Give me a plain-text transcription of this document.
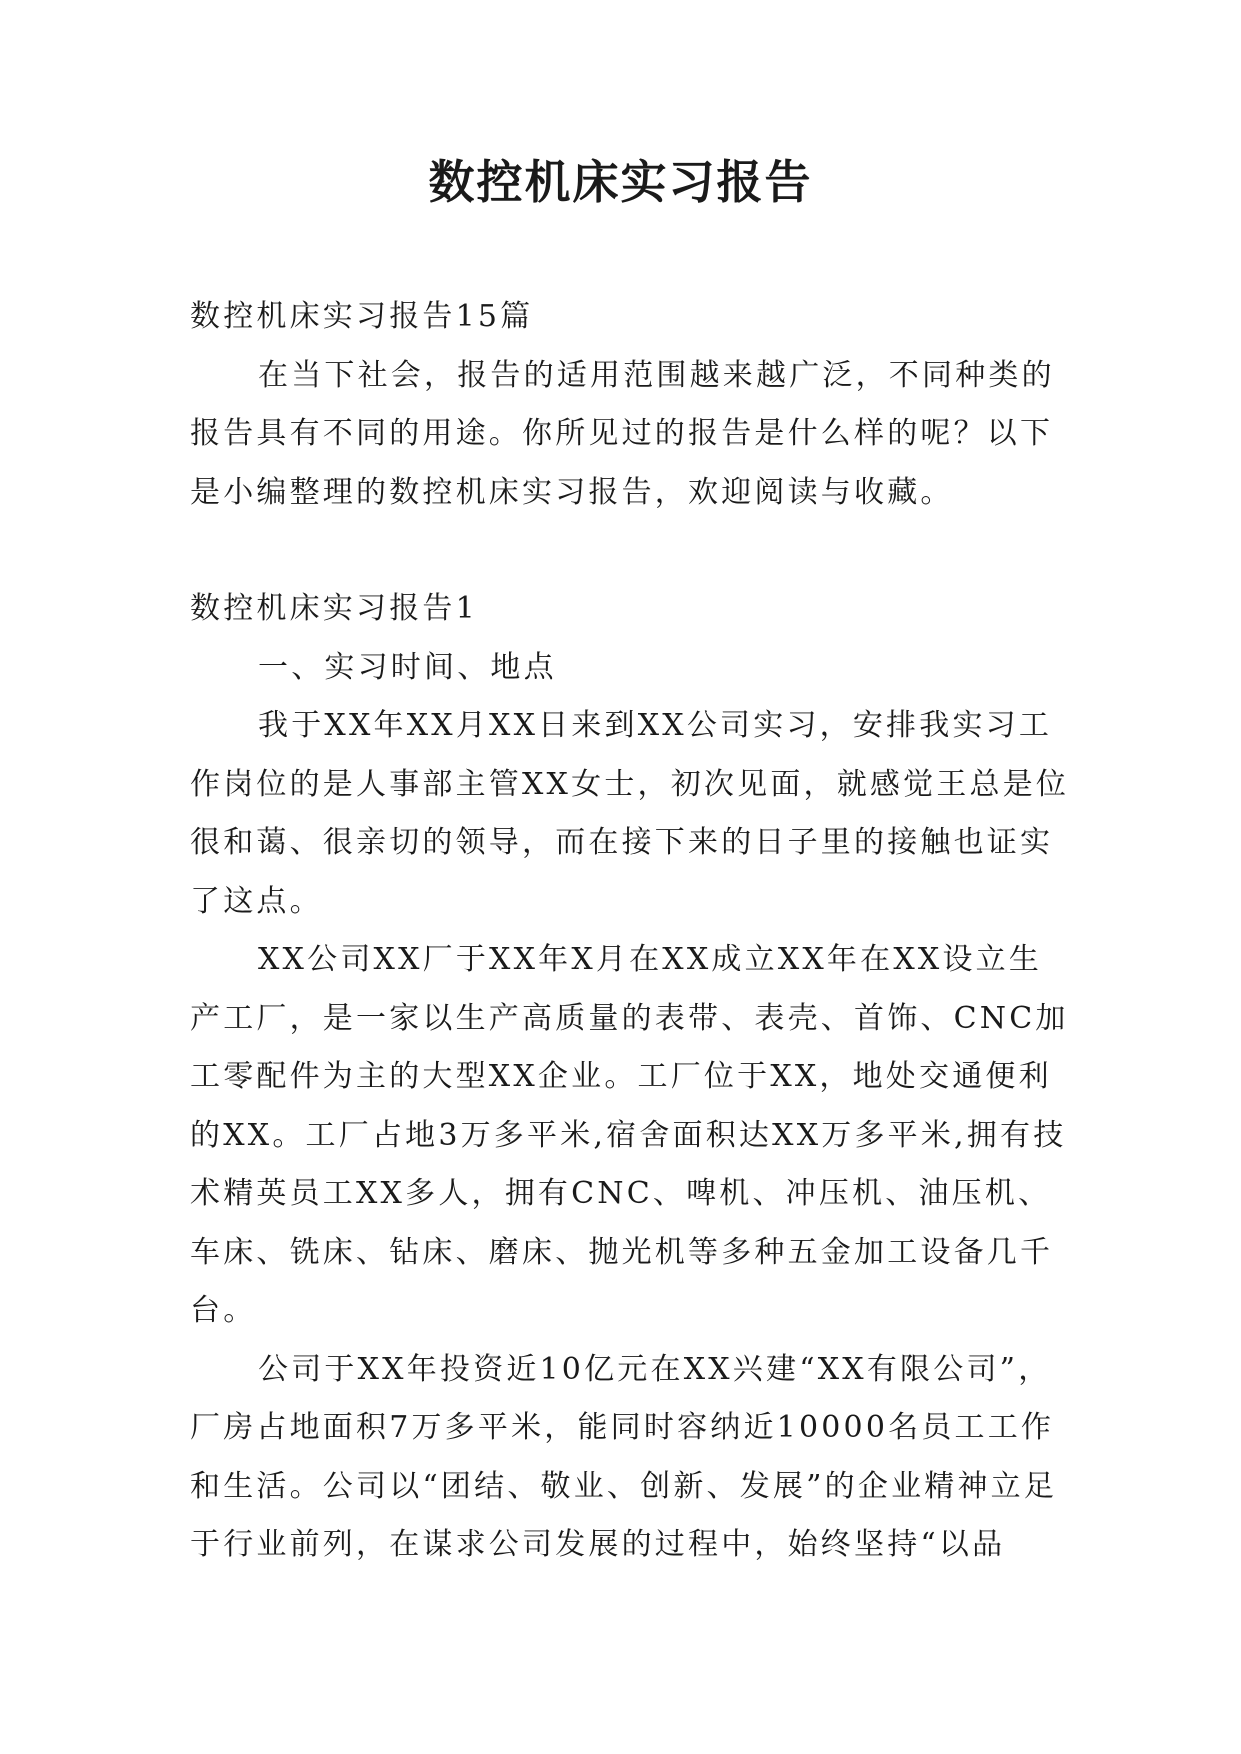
数控机床实习报告

数控机床实习报告15篇

在当下社会，报告的适用范围越来越广泛，不同种类的报告具有不同的用途。你所见过的报告是什么样的呢？以下是小编整理的数控机床实习报告，欢迎阅读与收藏。

数控机床实习报告1

一、实习时间、地点

我于XX年XX月XX日来到XX公司实习，安排我实习工作岗位的是人事部主管XX女士，初次见面，就感觉王总是位很和蔼、很亲切的领导，而在接下来的日子里的接触也证实了这点。

XX公司XX厂于XX年X月在XX成立XX年在XX设立生产工厂，是一家以生产高质量的表带、表壳、首饰、CNC加工零配件为主的大型XX企业。工厂位于XX，地处交通便利的XX。工厂占地3万多平米,宿舍面积达XX万多平米,拥有技术精英员工XX多人，拥有CNC、啤机、冲压机、油压机、车床、铣床、钻床、磨床、抛光机等多种五金加工设备几千台。

公司于XX年投资近10亿元在XX兴建“XX有限公司”，厂房占地面积7万多平米，能同时容纳近10000名员工工作和生活。公司以“团结、敬业、创新、发展”的企业精神立足于行业前列，在谋求公司发展的过程中，始终坚持“以品
